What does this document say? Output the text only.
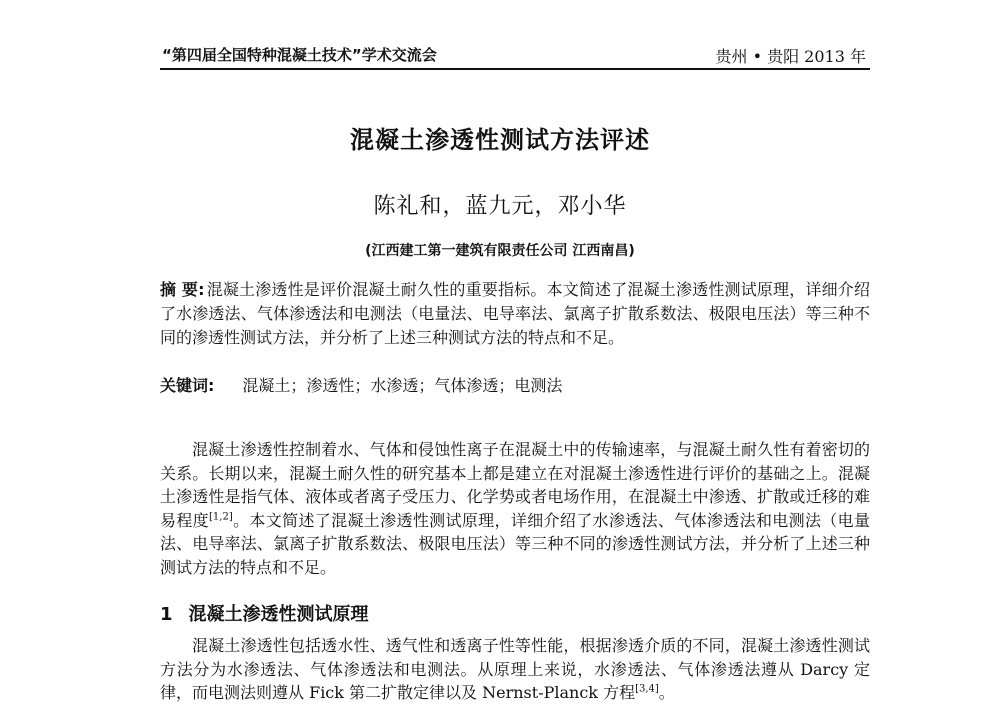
“第四届全国特种混凝土技术”学术交流会	贵州 • 贵阳 2013 年
混凝土渗透性测试方法评述
陈礼和，蓝九元，邓小华
(江西建工第一建筑有限责任公司 江西南昌)
摘 要: 混凝土渗透性是评价混凝土耐久性的重要指标。本文简述了混凝土渗透性测试原理，详细介绍了水渗透法、气体渗透法和电测法（电量法、电导率法、氯离子扩散系数法、极限电压法）等三种不同的渗透性测试方法，并分析了上述三种测试方法的特点和不足。
关键词: 混凝土；渗透性；水渗透；气体渗透；电测法
混凝土渗透性控制着水、气体和侵蚀性离子在混凝土中的传输速率，与混凝土耐久性有着密切的关系。长期以来，混凝土耐久性的研究基本上都是建立在对混凝土渗透性进行评价的基础之上。混凝土渗透性是指气体、液体或者离子受压力、化学势或者电场作用，在混凝土中渗透、扩散或迁移的难易程度[1,2]。本文简述了混凝土渗透性测试原理，详细介绍了水渗透法、气体渗透法和电测法（电量法、电导率法、氯离子扩散系数法、极限电压法）等三种不同的渗透性测试方法，并分析了上述三种测试方法的特点和不足。
1 混凝土渗透性测试原理
混凝土渗透性包括透水性、透气性和透离子性等性能，根据渗透介质的不同，混凝土渗透性测试方法分为水渗透法、气体渗透法和电测法。从原理上来说，水渗透法、气体渗透法遵从 Darcy 定律，而电测法则遵从 Fick 第二扩散定律以及 Nernst-Planck 方程[3,4]。
